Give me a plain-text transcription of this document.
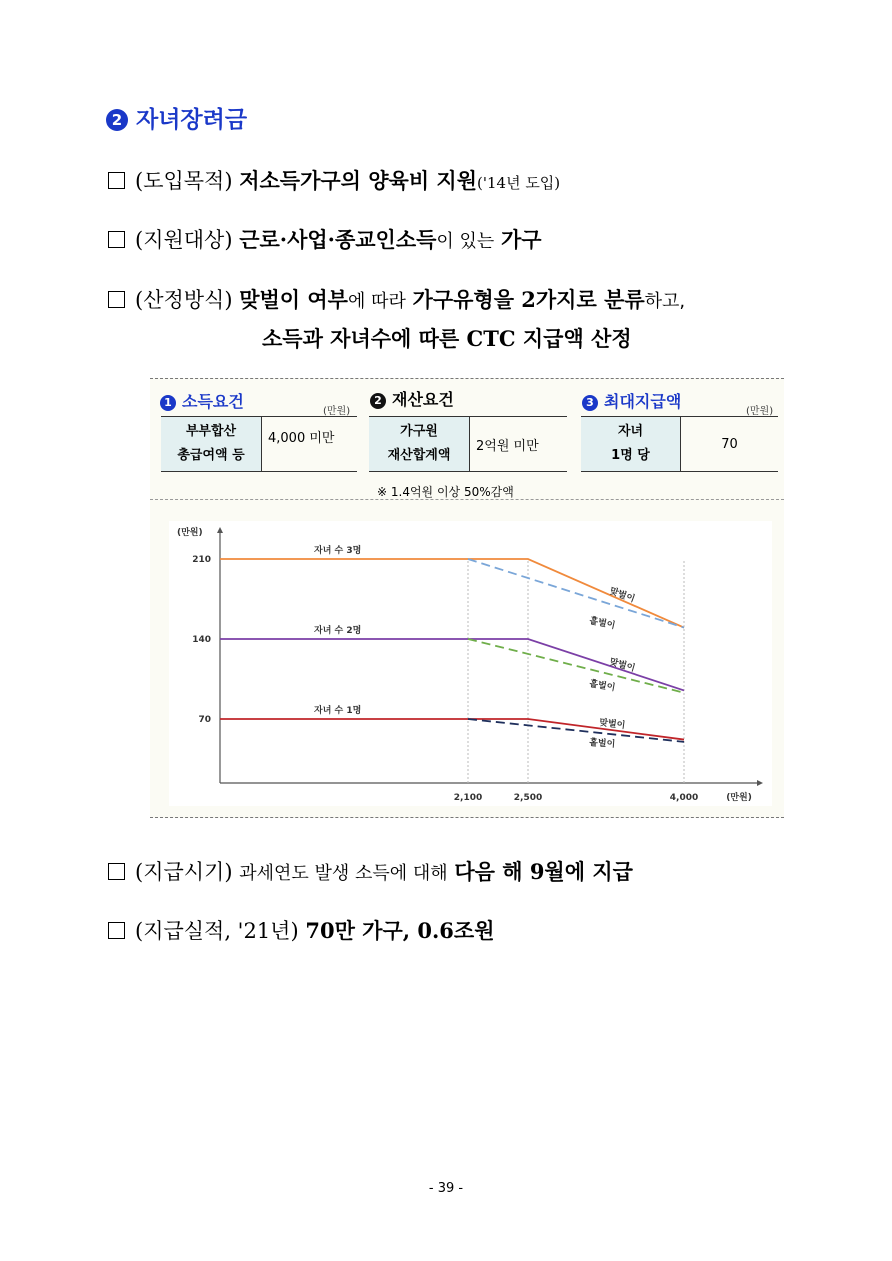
2 자녀장려금
(도입목적) 저소득가구의 양육비 지원('14년 도입)
(지원대상) 근로·사업·종교인소득이 있는 가구
(산정방식) 맞벌이 여부에 따라 가구유형을 2가지로 분류하고,
소득과 자녀수에 따른 CTC 지급액 산정
1 소득요건
(만원)
부부합산
총급여액 등
	4,000 미만
2 재산요건
가구원
재산합계액
	2억원 미만
※ 1.4억원 이상 50%감액
3 최대지급액
(만원)
자녀
1명 당
	70
(만원)
210
140
70
2,100	2,500	4,000	(만원)
자녀 수 3명
자녀 수 2명
자녀 수 1명
맞벌이
홑벌이
맞벌이
홑벌이
맞벌이
홑벌이
(지급시기) 과세연도 발생 소득에 대해 다음 해 9월에 지급
(지급실적, '21년) 70만 가구, 0.6조원
- 39 -
